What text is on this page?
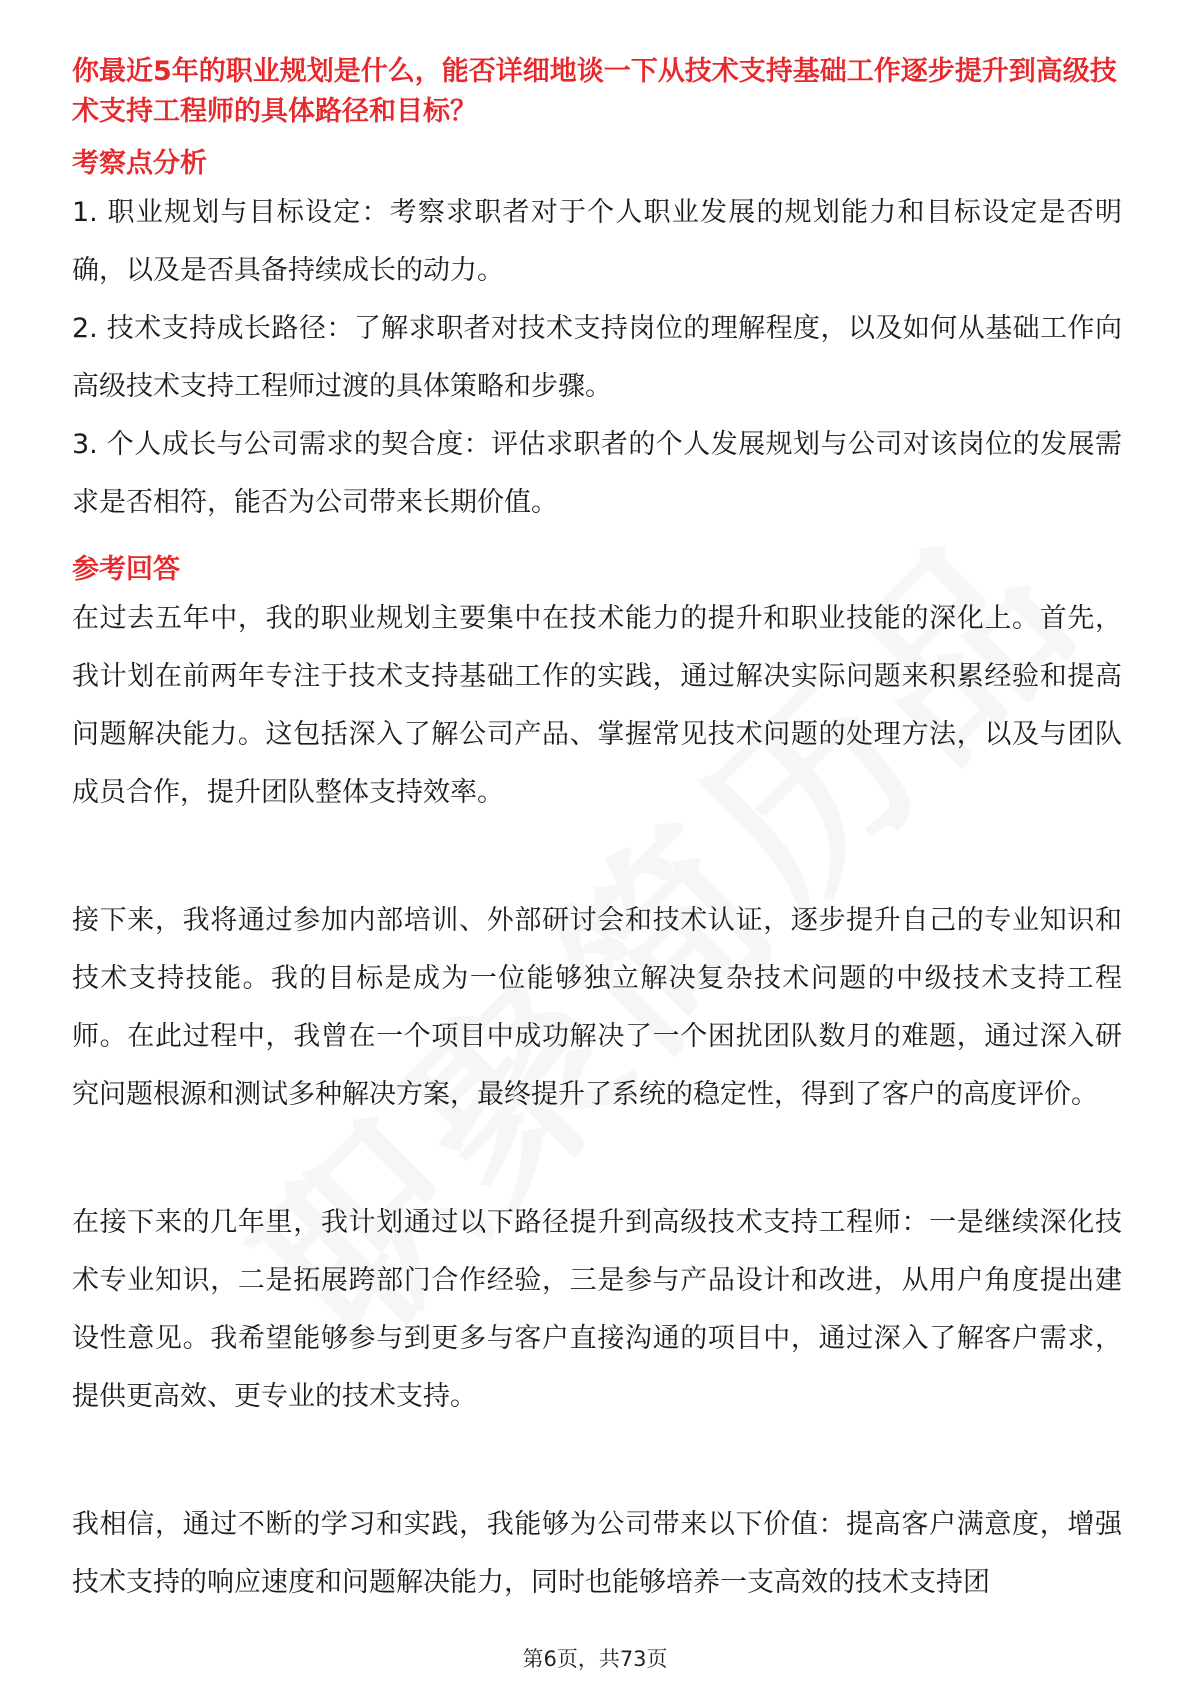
你最近5年的职业规划是什么，能否详细地谈一下从技术支持基础工作逐步提升到高级技术支持工程师的具体路径和目标？

考察点分析

1. 职业规划与目标设定：考察求职者对于个人职业发展的规划能力和目标设定是否明确，以及是否具备持续成长的动力。

2. 技术支持成长路径：了解求职者对技术支持岗位的理解程度，以及如何从基础工作向高级技术支持工程师过渡的具体策略和步骤。

3. 个人成长与公司需求的契合度：评估求职者的个人发展规划与公司对该岗位的发展需求是否相符，能否为公司带来长期价值。

参考回答

在过去五年中，我的职业规划主要集中在技术能力的提升和职业技能的深化上。首先，我计划在前两年专注于技术支持基础工作的实践，通过解决实际问题来积累经验和提高问题解决能力。这包括深入了解公司产品、掌握常见技术问题的处理方法，以及与团队成员合作，提升团队整体支持效率。

接下来，我将通过参加内部培训、外部研讨会和技术认证，逐步提升自己的专业知识和技术支持技能。我的目标是成为一位能够独立解决复杂技术问题的中级技术支持工程师。在此过程中，我曾在一个项目中成功解决了一个困扰团队数月的难题，通过深入研究问题根源和测试多种解决方案，最终提升了系统的稳定性，得到了客户的高度评价。

在接下来的几年里，我计划通过以下路径提升到高级技术支持工程师：一是继续深化技术专业知识，二是拓展跨部门合作经验，三是参与产品设计和改进，从用户角度提出建设性意见。我希望能够参与到更多与客户直接沟通的项目中，通过深入了解客户需求，提供更高效、更专业的技术支持。

我相信，通过不断的学习和实践，我能够为公司带来以下价值：提高客户满意度，增强技术支持的响应速度和问题解决能力，同时也能够培养一支高效的技术支持团

第6页，共73页
